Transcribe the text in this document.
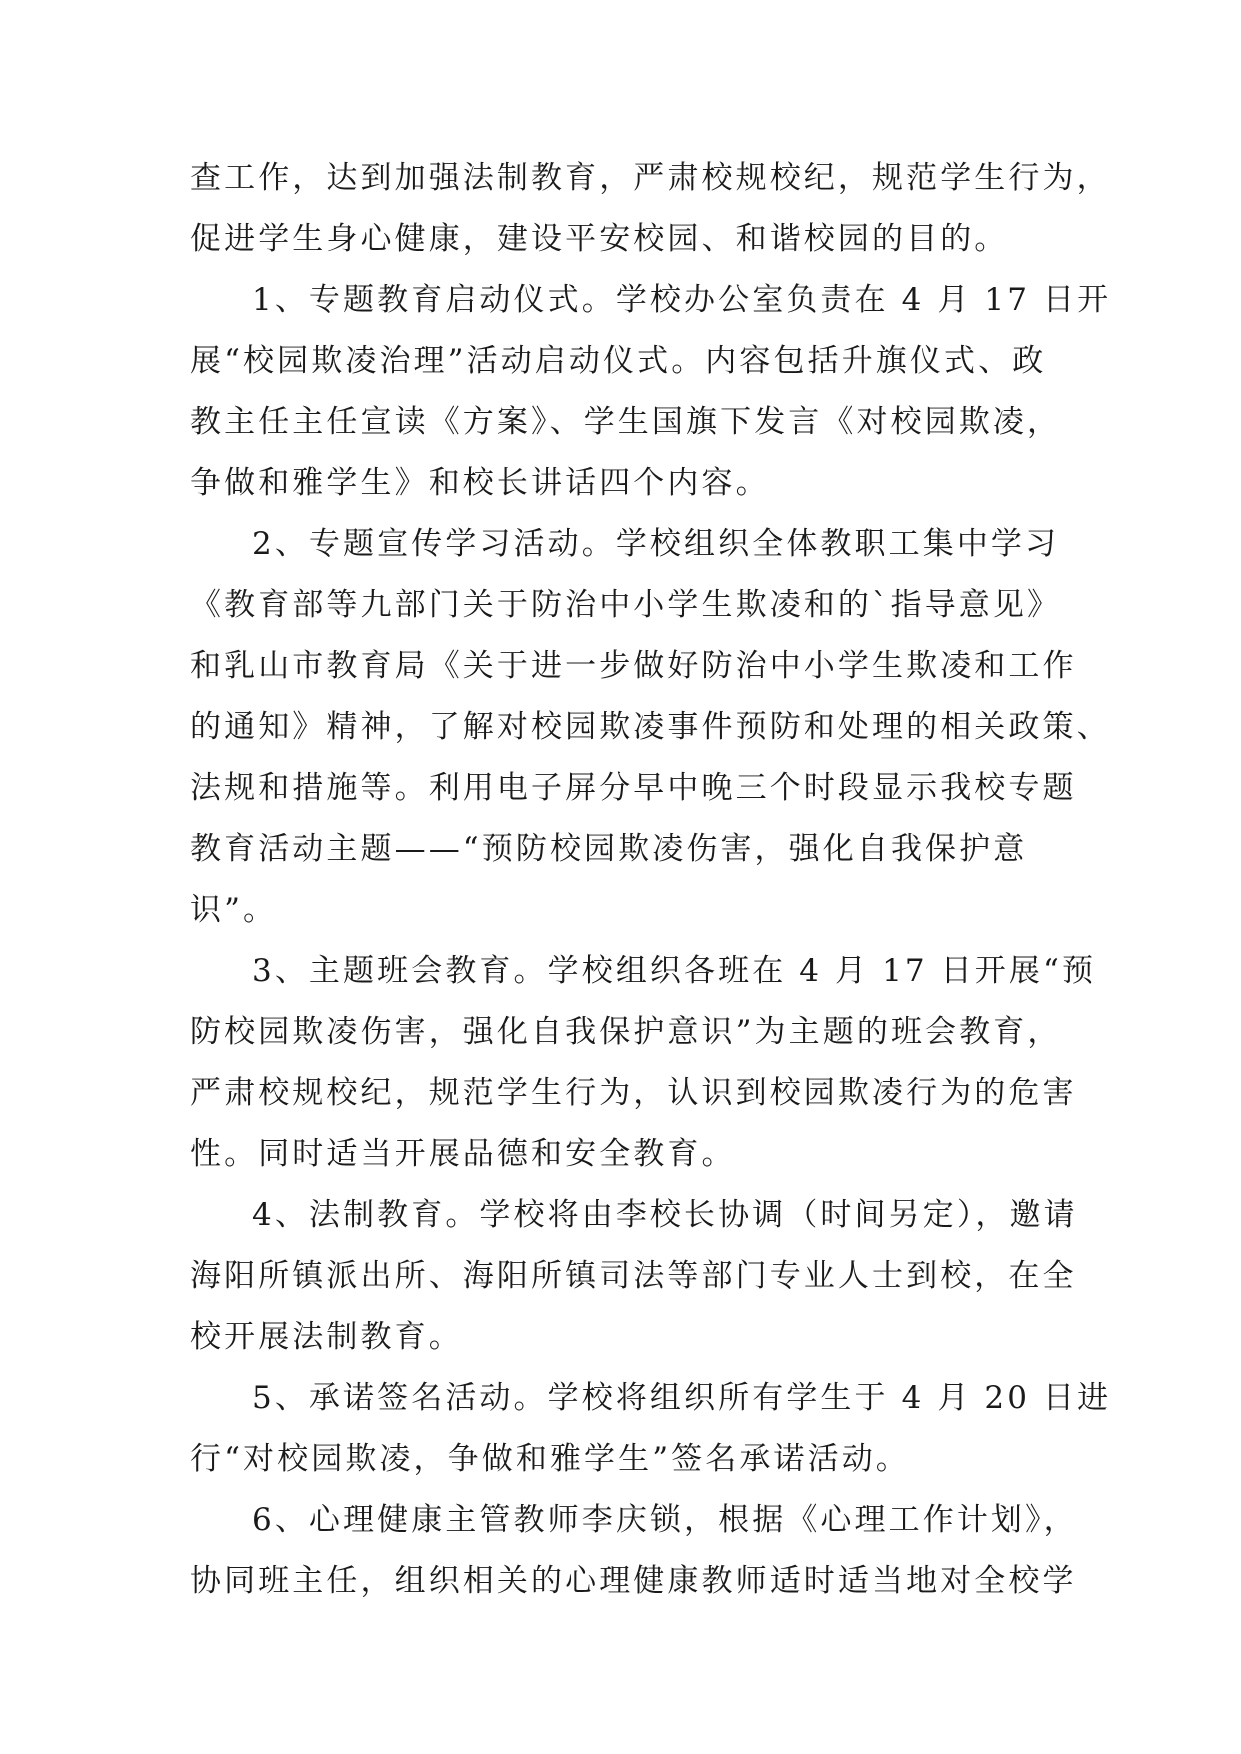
查工作，达到加强法制教育，严肃校规校纪，规范学生行为，
促进学生身心健康，建设平安校园、和谐校园的目的。
1、专题教育启动仪式。学校办公室负责在 4 月 17 日开
展“校园欺凌治理”活动启动仪式。内容包括升旗仪式、政
教主任主任宣读《方案》、学生国旗下发言《对校园欺凌，
争做和雅学生》和校长讲话四个内容。
2、专题宣传学习活动。学校组织全体教职工集中学习
《教育部等九部门关于防治中小学生欺凌和的`指导意见》
和乳山市教育局《关于进一步做好防治中小学生欺凌和工作
的通知》精神，了解对校园欺凌事件预防和处理的相关政策、
法规和措施等。利用电子屏分早中晚三个时段显示我校专题
教育活动主题——“预防校园欺凌伤害，强化自我保护意
识”。
3、主题班会教育。学校组织各班在 4 月 17 日开展“预
防校园欺凌伤害，强化自我保护意识”为主题的班会教育，
严肃校规校纪，规范学生行为，认识到校园欺凌行为的危害
性。同时适当开展品德和安全教育。
4、法制教育。学校将由李校长协调（时间另定），邀请
海阳所镇派出所、海阳所镇司法等部门专业人士到校，在全
校开展法制教育。
5、承诺签名活动。学校将组织所有学生于 4 月 20 日进
行“对校园欺凌，争做和雅学生”签名承诺活动。
6、心理健康主管教师李庆锁，根据《心理工作计划》，
协同班主任，组织相关的心理健康教师适时适当地对全校学
